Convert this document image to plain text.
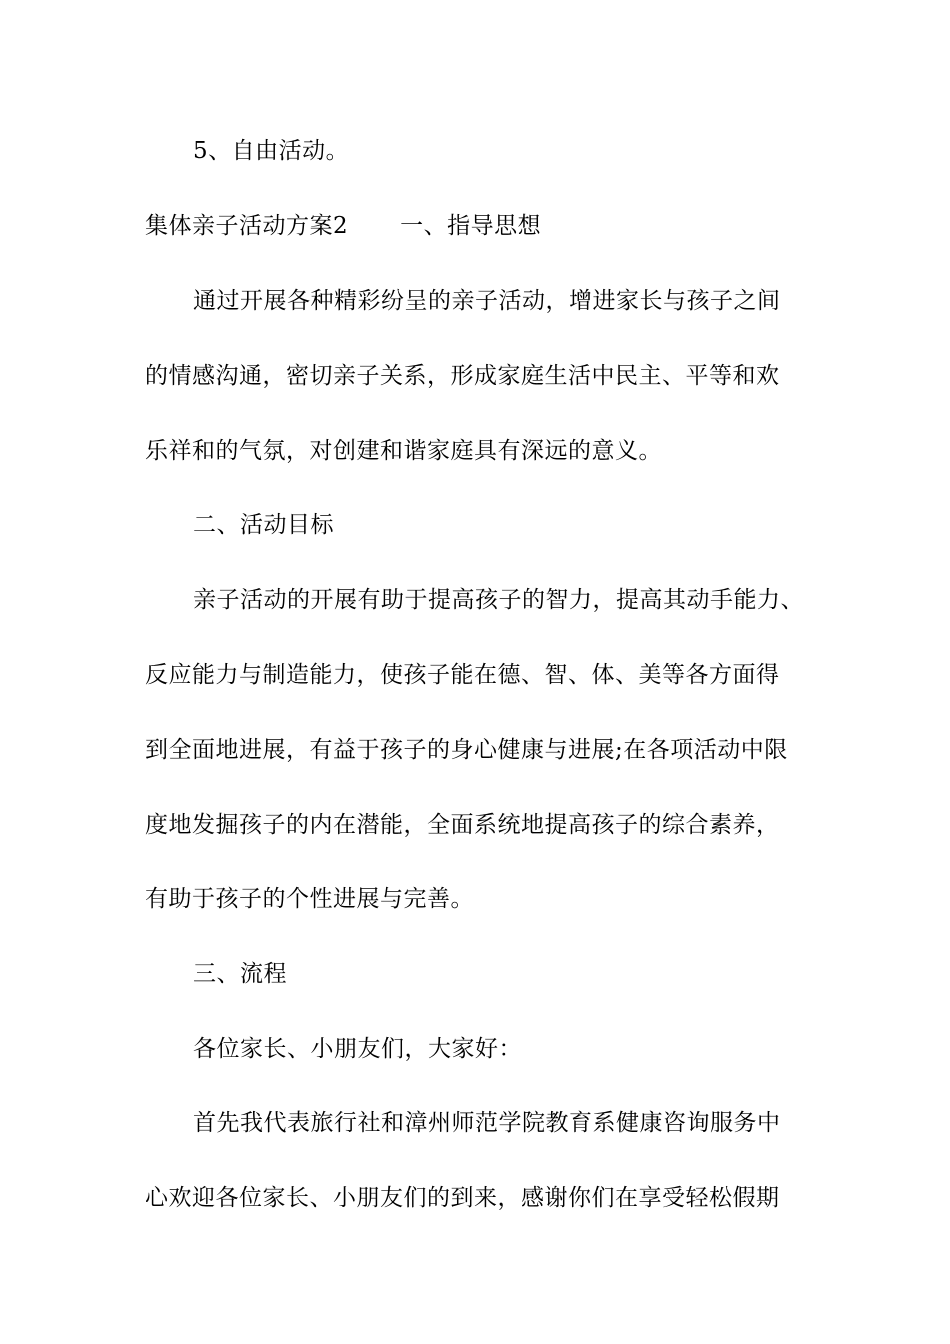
5、自由活动。
集体亲子活动方案2 一、指导思想
通过开展各种精彩纷呈的亲子活动，增进家长与孩子之间
的情感沟通，密切亲子关系，形成家庭生活中民主、平等和欢
乐祥和的气氛，对创建和谐家庭具有深远的意义。
二、活动目标
亲子活动的开展有助于提高孩子的智力，提高其动手能力、
反应能力与制造能力，使孩子能在德、智、体、美等各方面得
到全面地进展，有益于孩子的身心健康与进展;在各项活动中限
度地发掘孩子的内在潜能，全面系统地提高孩子的综合素养，
有助于孩子的个性进展与完善。
三、流程
各位家长、小朋友们，大家好：
首先我代表旅行社和漳州师范学院教育系健康咨询服务中
心欢迎各位家长、小朋友们的到来，感谢你们在享受轻松假期
